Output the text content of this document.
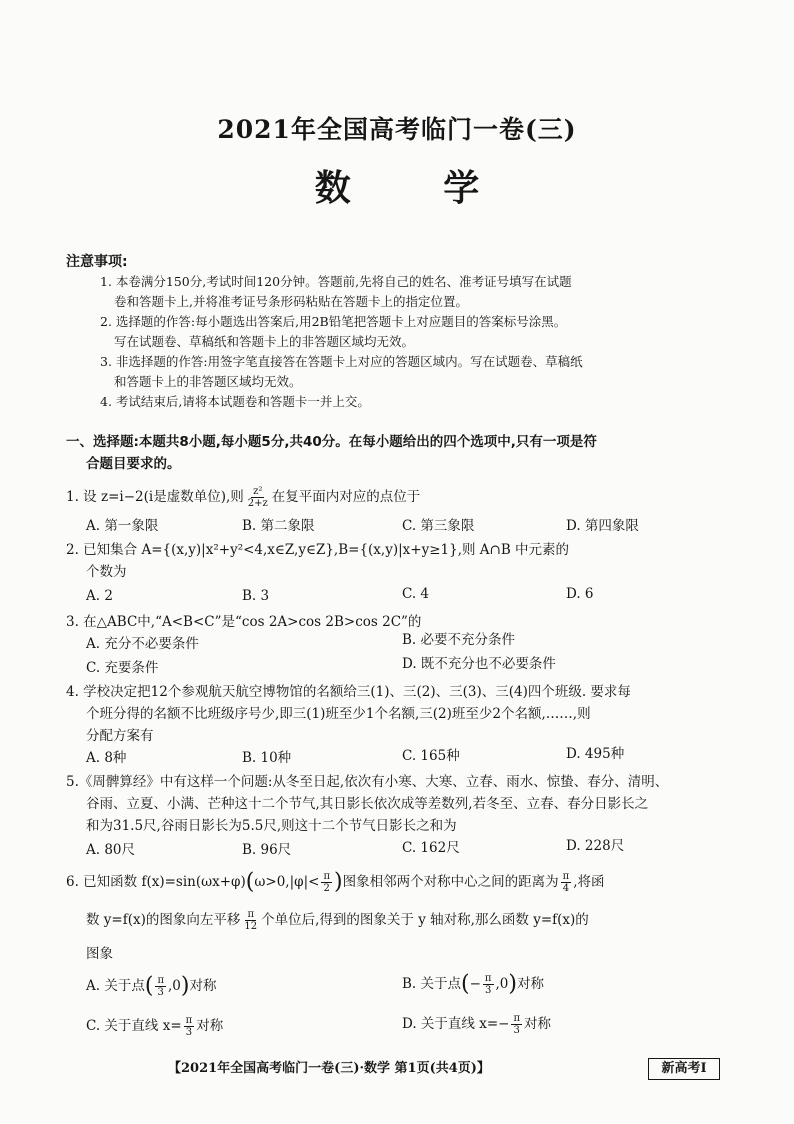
2021年全国高考临门一卷(三)
数 学
注意事项:
1. 本卷满分150分,考试时间120分钟。答题前,先将自己的姓名、准考证号填写在试题
卷和答题卡上,并将准考证号条形码粘贴在答题卡上的指定位置。
2. 选择题的作答:每小题选出答案后,用2B铅笔把答题卡上对应题目的答案标号涂黑。
写在试题卷、草稿纸和答题卡上的非答题区域均无效。
3. 非选择题的作答:用签字笔直接答在答题卡上对应的答题区域内。写在试题卷、草稿纸
和答题卡上的非答题区域均无效。
4. 考试结束后,请将本试题卷和答题卡一并上交。
一、选择题:本题共8小题,每小题5分,共40分。在每小题给出的四个选项中,只有一项是符
合题目要求的。
1. 设 z=i−2(i是虚数单位),则 $\frac{\text{z²}}{2+z}$ 在复平面内对应的点位于
A. 第一象限	B. 第二象限	C. 第三象限	D. 第四象限
2. 已知集合 A={(x,y)|x²+y²<4,x∈Z,y∈Z},B={(x,y)|x+y≥1},则 A∩B 中元素的
个数为
A. 2	B. 3	C. 4	D. 6
3. 在△ABC中,“A<B<C”是“cos 2A>cos 2B>cos 2C”的
A. 充分不必要条件	B. 必要不充分条件
C. 充要条件	D. 既不充分也不必要条件
4. 学校决定把12个参观航天航空博物馆的名额给三(1)、三(2)、三(3)、三(4)四个班级. 要求每
个班分得的名额不比班级序号少,即三(1)班至少1个名额,三(2)班至少2个名额,……,则
分配方案有
A. 8种	B. 10种	C. 165种	D. 495种
5.《周髀算经》中有这样一个问题:从冬至日起,依次有小寒、大寒、立春、雨水、惊蛰、春分、清明、
谷雨、立夏、小满、芒种这十二个节气,其日影长依次成等差数列,若冬至、立春、春分日影长之
和为31.5尺,谷雨日影长为5.5尺,则这十二个节气日影长之和为
A. 80尺	B. 96尺	C. 162尺	D. 228尺
6. 已知函数 $f(x)=\sin(\omega x+\varphi)(\omega>0,|\varphi|< \frac{\pi}{2}$ )图象相邻两个对称中心之间的距离为 $\frac{\pi}{4}$ ,将函
数 y=f(x)的图象向左平移 $\frac{\pi}{12}$ 个单位后,得到的图象关于 y 轴对称,那么函数 y=f(x)的
图象
A. 关于点( $\frac{\pi}{3} ,0$)对称	B. 关于点(− $\frac{\pi}{3} ,0$)对称
C. 关于直线 $x= \frac{\pi}{3}$ 对称	D. 关于直线 $x=- \frac{\pi}{3}$ 对称
【2021年全国高考临门一卷(三)·数学 第1页(共4页)】	新高考Ⅰ
